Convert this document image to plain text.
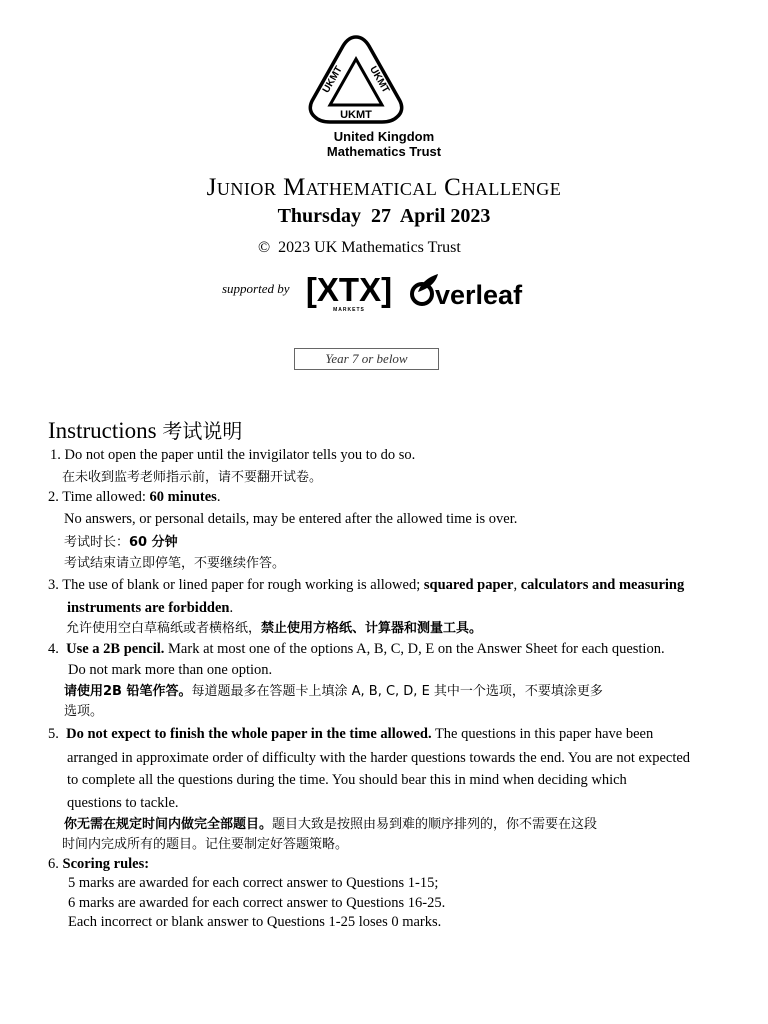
UKMT UKMT
UKMT
United Kingdom
Mathematics Trust
Junior Mathematical Challenge
Thursday  27  April 2023
©  2023 UK Mathematics Trust
supported by [XTX]
MARKETS	verleaf
Year 7 or below
Instructions 考试说明
1. Do not open the paper until the invigilator tells you to do so.
在未收到监考老师指示前，请不要翻开试卷。
2. Time allowed: 60 minutes.
No answers, or personal details, may be entered after the allowed time is over.
考试时长：60 分钟
考试结束请立即停笔，不要继续作答。
3. The use of blank or lined paper for rough working is allowed; squared paper, calculators and measuring
instruments are forbidden.
允许使用空白草稿纸或者横格纸，禁止使用方格纸、计算器和测量工具。
4. Use a 2B pencil. Mark at most one of the options A, B, C, D, E on the Answer Sheet for each question.
Do not mark more than one option.
请使用2B 铅笔作答。每道题最多在答题卡上填涂 A, B, C, D, E 其中一个选项，不要填涂更多
选项。
5. Do not expect to finish the whole paper in the time allowed. The questions in this paper have been
arranged in approximate order of difficulty with the harder questions towards the end. You are not expected
to complete all the questions during the time. You should bear this in mind when deciding which
questions to tackle.
你无需在规定时间内做完全部题目。题目大致是按照由易到难的顺序排列的，你不需要在这段
时间内完成所有的题目。记住要制定好答题策略。
6. Scoring rules:
5 marks are awarded for each correct answer to Questions 1-15;
6 marks are awarded for each correct answer to Questions 16-25.
Each incorrect or blank answer to Questions 1-25 loses 0 marks.
